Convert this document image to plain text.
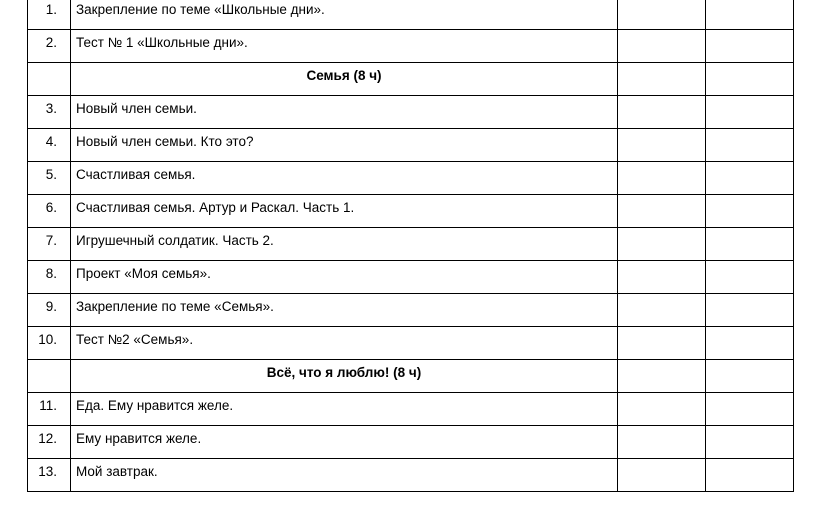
1.	Закрепление по теме «Школьные дни».		
2.	Тест № 1 «Школьные дни».		
	Семья (8 ч)		
3.	Новый член семьи.		
4.	Новый член семьи. Кто это?		
5.	Счастливая семья.		
6.	Счастливая семья. Артур и Раскал. Часть 1.		
7.	Игрушечный солдатик. Часть 2.		
8.	Проект «Моя семья».		
9.	Закрепление по теме «Семья».		
10.	Тест №2 «Семья».		
	Всё, что я люблю! (8 ч)		
11.	Еда. Ему нравится желе.		
12.	Ему нравится желе.		
13.	Мой завтрак.		
